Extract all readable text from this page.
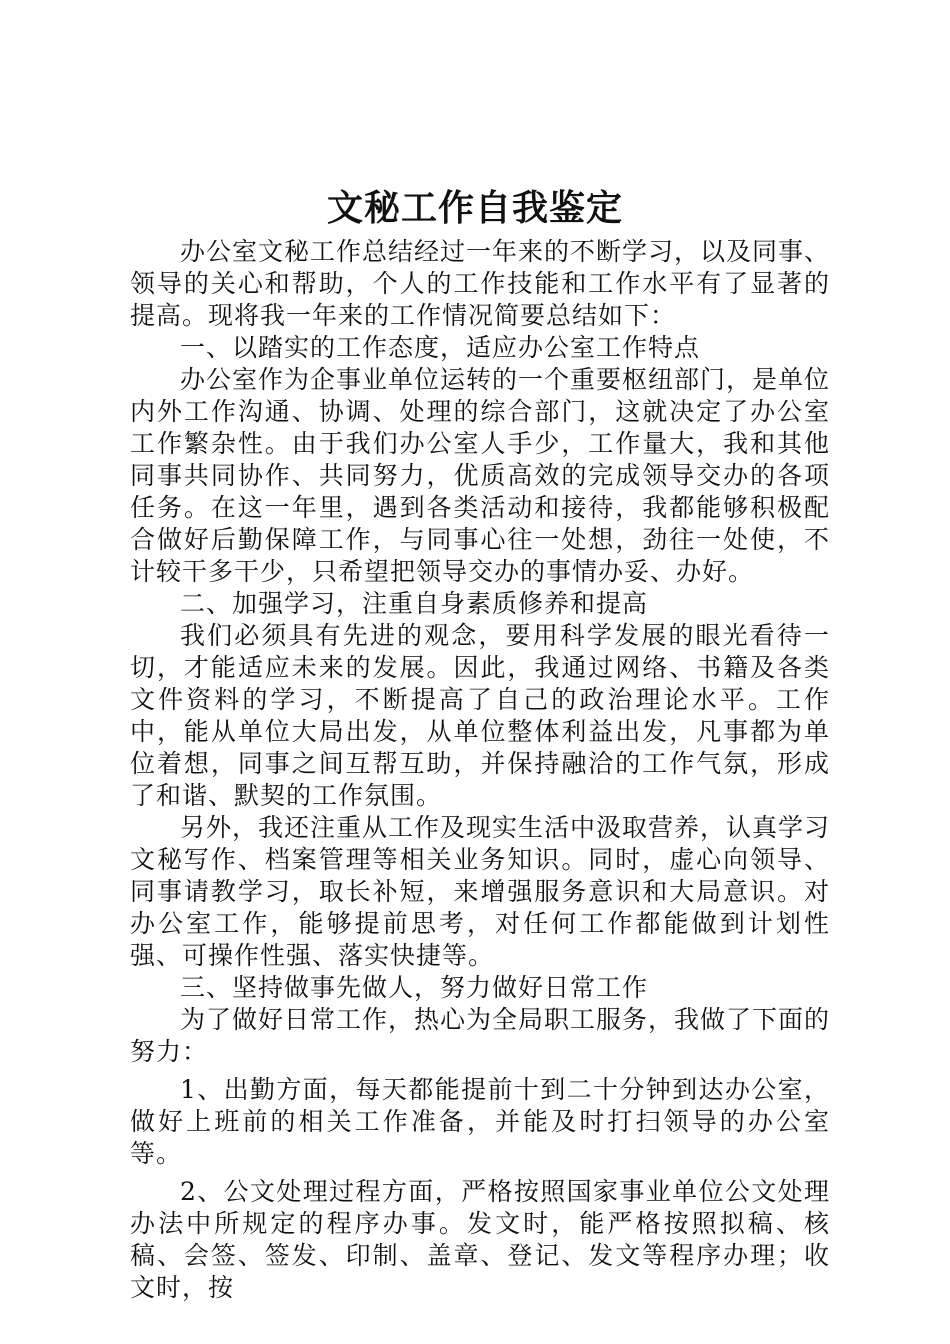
文秘工作自我鉴定

办公室文秘工作总结经过一年来的不断学习，以及同事、领导的关心和帮助，个人的工作技能和工作水平有了显著的提高。现将我一年来的工作情况简要总结如下：

一、以踏实的工作态度，适应办公室工作特点

办公室作为企事业单位运转的一个重要枢纽部门，是单位内外工作沟通、协调、处理的综合部门，这就决定了办公室工作繁杂性。由于我们办公室人手少，工作量大，我和其他同事共同协作、共同努力，优质高效的完成领导交办的各项任务。在这一年里，遇到各类活动和接待，我都能够积极配合做好后勤保障工作，与同事心往一处想，劲往一处使，不计较干多干少，只希望把领导交办的事情办妥、办好。

二、加强学习，注重自身素质修养和提高

我们必须具有先进的观念，要用科学发展的眼光看待一切，才能适应未来的发展。因此，我通过网络、书籍及各类文件资料的学习，不断提高了自己的政治理论水平。工作中，能从单位大局出发，从单位整体利益出发，凡事都为单位着想，同事之间互帮互助，并保持融洽的工作气氛，形成了和谐、默契的工作氛围。

另外，我还注重从工作及现实生活中汲取营养，认真学习文秘写作、档案管理等相关业务知识。同时，虚心向领导、同事请教学习，取长补短，来增强服务意识和大局意识。对办公室工作，能够提前思考，对任何工作都能做到计划性强、可操作性强、落实快捷等。

三、坚持做事先做人，努力做好日常工作

为了做好日常工作，热心为全局职工服务，我做了下面的努力：

1、出勤方面，每天都能提前十到二十分钟到达办公室，做好上班前的相关工作准备，并能及时打扫领导的办公室等。

2、公文处理过程方面，严格按照国家事业单位公文处理办法中所规定的程序办事。发文时，能严格按照拟稿、核稿、会签、签发、印制、盖章、登记、发文等程序办理；收文时，按
